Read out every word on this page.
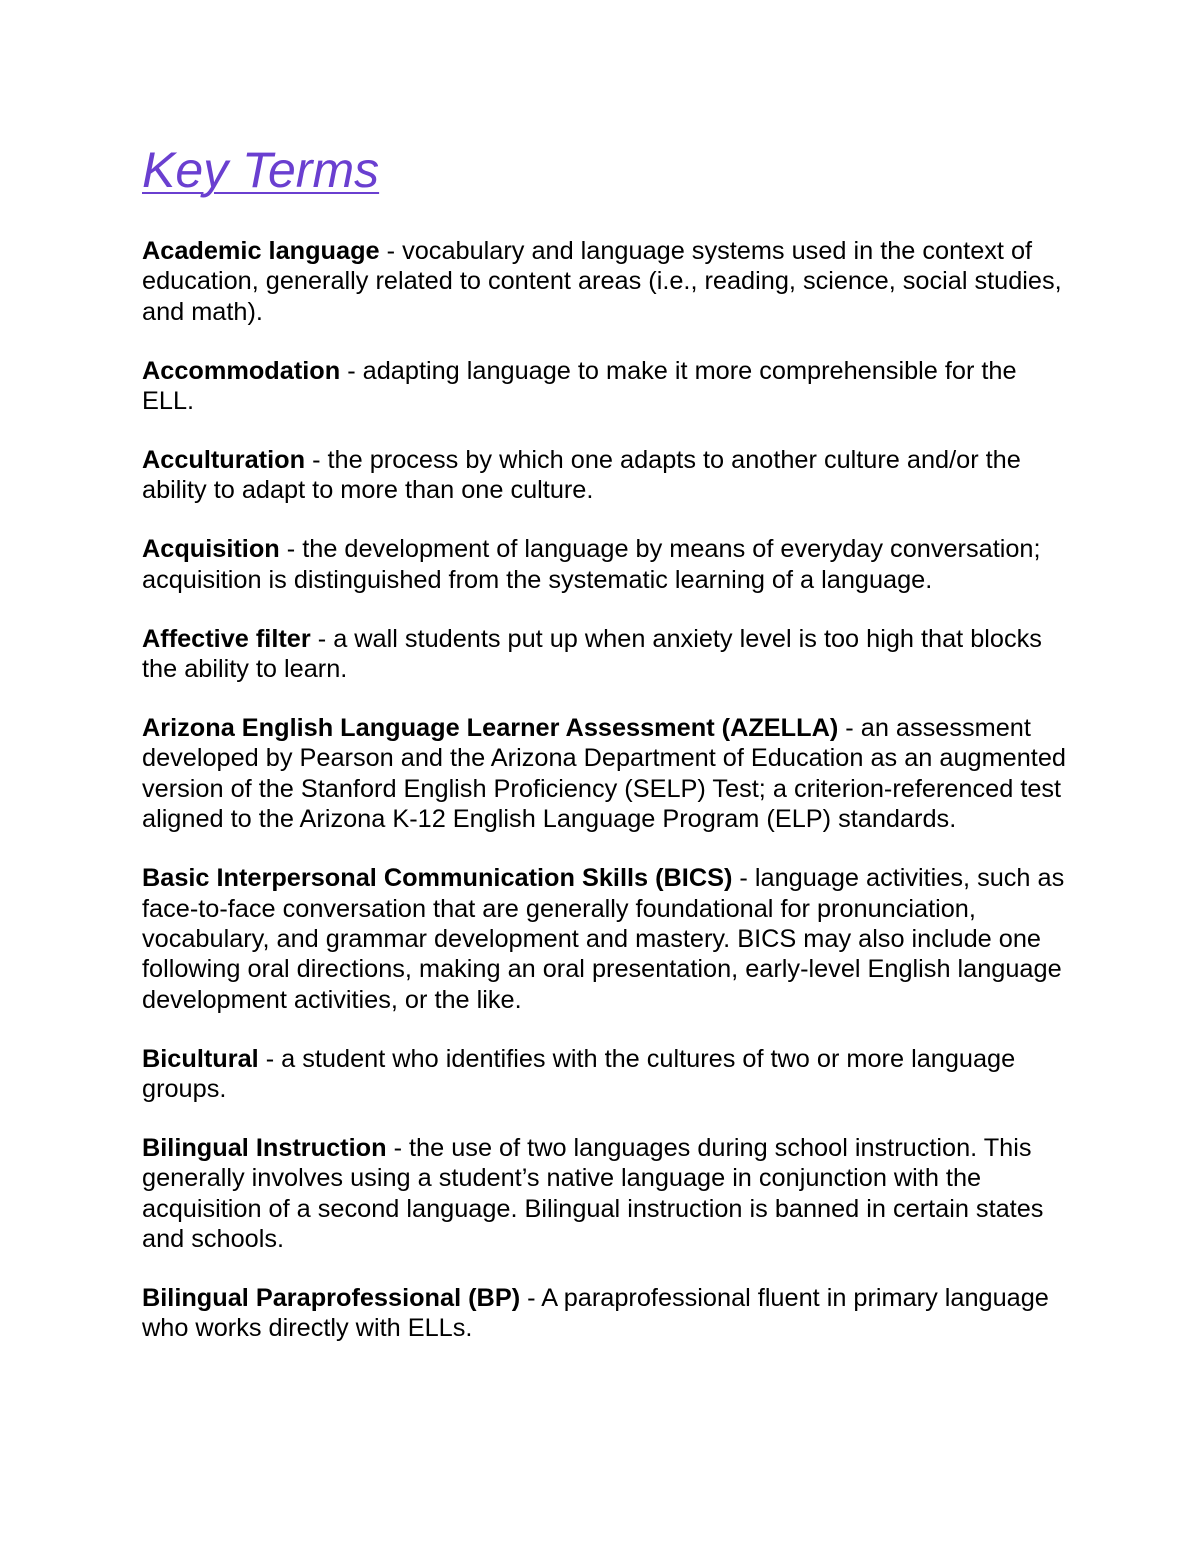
Key Terms

Academic language - vocabulary and language systems used in the context of education, generally related to content areas (i.e., reading, science, social studies, and math).

Accommodation - adapting language to make it more comprehensible for the ELL.

Acculturation - the process by which one adapts to another culture and/or the ability to adapt to more than one culture.

Acquisition - the development of language by means of everyday conversation; acquisition is distinguished from the systematic learning of a language.

Affective filter - a wall students put up when anxiety level is too high that blocks the ability to learn.

Arizona English Language Learner Assessment (AZELLA) - an assessment developed by Pearson and the Arizona Department of Education as an augmented version of the Stanford English Proficiency (SELP) Test; a criterion-referenced test aligned to the Arizona K-12 English Language Program (ELP) standards.

Basic Interpersonal Communication Skills (BICS) - language activities, such as face-to-face conversation that are generally foundational for pronunciation, vocabulary, and grammar development and mastery. BICS may also include one following oral directions, making an oral presentation, early-level English language development activities, or the like.

Bicultural - a student who identifies with the cultures of two or more language groups.

Bilingual Instruction - the use of two languages during school instruction. This generally involves using a student’s native language in conjunction with the acquisition of a second language. Bilingual instruction is banned in certain states and schools.

Bilingual Paraprofessional (BP) - A paraprofessional fluent in primary language who works directly with ELLs.
